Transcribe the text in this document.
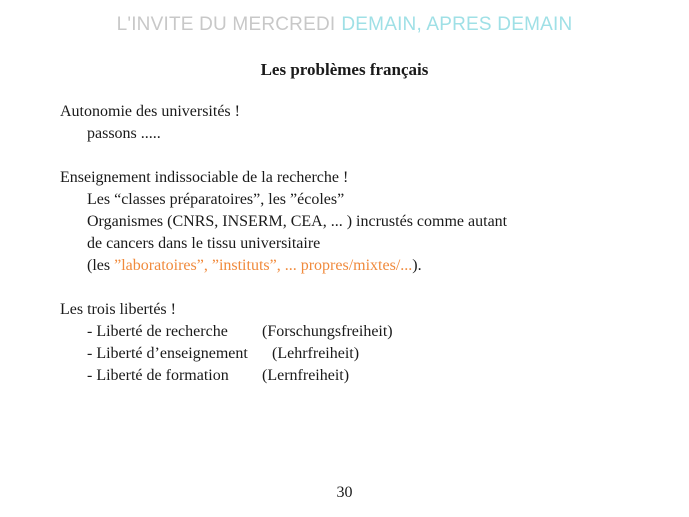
L'INVITE DU MERCREDI DEMAIN, APRES DEMAIN
Les problèmes français
Autonomie des universités !
passons .....
Enseignement indissociable de la recherche !
Les “classes préparatoires”, les ”écoles”
Organismes (CNRS, INSERM, CEA, ... ) incrustés comme autant
de cancers dans le tissu universitaire
(les ”laboratoires”, ”instituts”, ... propres/mixtes/...).
Les trois libertés !
- Liberté de recherche (Forschungsfreiheit)
- Liberté d’enseignement (Lehrfreiheit)
- Liberté de formation (Lernfreiheit)
30
